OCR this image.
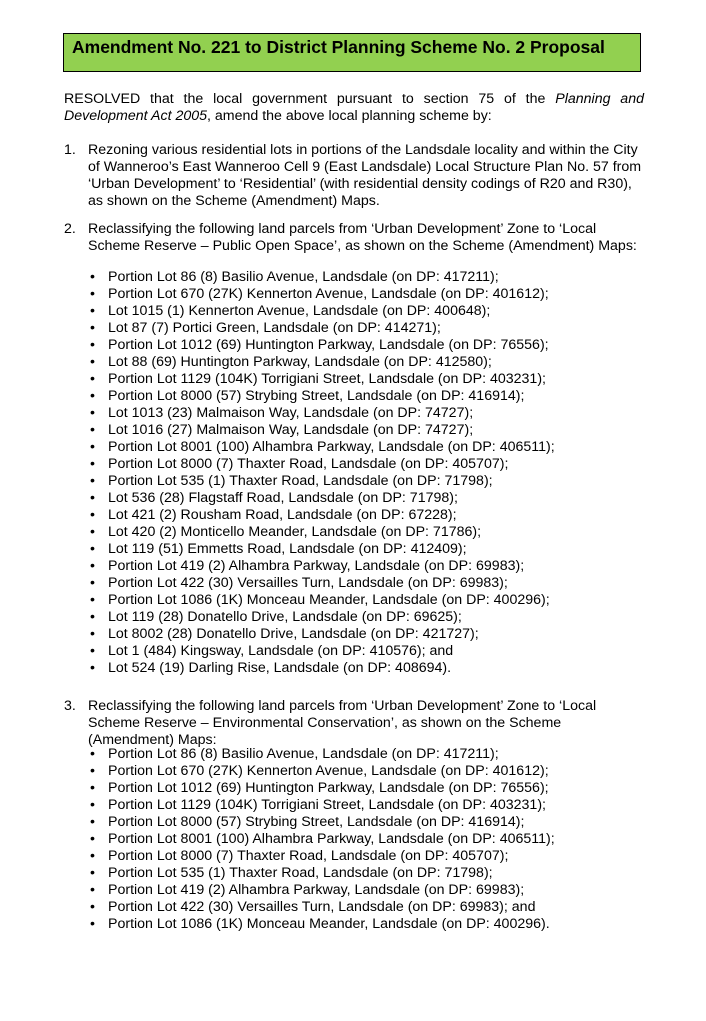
Amendment No. 221 to District Planning Scheme No. 2 Proposal

RESOLVED that the local government pursuant to section 75 of the Planning and Development Act 2005, amend the above local planning scheme by:

1. Rezoning various residential lots in portions of the Landsdale locality and within the City of Wanneroo’s East Wanneroo Cell 9 (East Landsdale) Local Structure Plan No. 57 from ‘Urban Development’ to ‘Residential’ (with residential density codings of R20 and R30), as shown on the Scheme (Amendment) Maps.
2. Reclassifying the following land parcels from ‘Urban Development’ Zone to ‘Local Scheme Reserve – Public Open Space’, as shown on the Scheme (Amendment) Maps:
• Portion Lot 86 (8) Basilio Avenue, Landsdale (on DP: 417211);
• Portion Lot 670 (27K) Kennerton Avenue, Landsdale (on DP: 401612);
• Lot 1015 (1) Kennerton Avenue, Landsdale (on DP: 400648);
• Lot 87 (7) Portici Green, Landsdale (on DP: 414271);
• Portion Lot 1012 (69) Huntington Parkway, Landsdale (on DP: 76556);
• Lot 88 (69) Huntington Parkway, Landsdale (on DP: 412580);
• Portion Lot 1129 (104K) Torrigiani Street, Landsdale (on DP: 403231);
• Portion Lot 8000 (57) Strybing Street, Landsdale (on DP: 416914);
• Lot 1013 (23) Malmaison Way, Landsdale (on DP: 74727);
• Lot 1016 (27) Malmaison Way, Landsdale (on DP: 74727);
• Portion Lot 8001 (100) Alhambra Parkway, Landsdale (on DP: 406511);
• Portion Lot 8000 (7) Thaxter Road, Landsdale (on DP: 405707);
• Portion Lot 535 (1) Thaxter Road, Landsdale (on DP: 71798);
• Lot 536 (28) Flagstaff Road, Landsdale (on DP: 71798);
• Lot 421 (2) Rousham Road, Landsdale (on DP: 67228);
• Lot 420 (2) Monticello Meander, Landsdale (on DP: 71786);
• Lot 119 (51) Emmetts Road, Landsdale (on DP: 412409);
• Portion Lot 419 (2) Alhambra Parkway, Landsdale (on DP: 69983);
• Portion Lot 422 (30) Versailles Turn, Landsdale (on DP: 69983);
• Portion Lot 1086 (1K) Monceau Meander, Landsdale (on DP: 400296);
• Lot 119 (28) Donatello Drive, Landsdale (on DP: 69625);
• Lot 8002 (28) Donatello Drive, Landsdale (on DP: 421727);
• Lot 1 (484) Kingsway, Landsdale (on DP: 410576); and
• Lot 524 (19) Darling Rise, Landsdale (on DP: 408694).
3. Reclassifying the following land parcels from ‘Urban Development’ Zone to ‘Local Scheme Reserve – Environmental Conservation’, as shown on the Scheme (Amendment) Maps:
• Portion Lot 86 (8) Basilio Avenue, Landsdale (on DP: 417211);
• Portion Lot 670 (27K) Kennerton Avenue, Landsdale (on DP: 401612);
• Portion Lot 1012 (69) Huntington Parkway, Landsdale (on DP: 76556);
• Portion Lot 1129 (104K) Torrigiani Street, Landsdale (on DP: 403231);
• Portion Lot 8000 (57) Strybing Street, Landsdale (on DP: 416914);
• Portion Lot 8001 (100) Alhambra Parkway, Landsdale (on DP: 406511);
• Portion Lot 8000 (7) Thaxter Road, Landsdale (on DP: 405707);
• Portion Lot 535 (1) Thaxter Road, Landsdale (on DP: 71798);
• Portion Lot 419 (2) Alhambra Parkway, Landsdale (on DP: 69983);
• Portion Lot 422 (30) Versailles Turn, Landsdale (on DP: 69983); and
• Portion Lot 1086 (1K) Monceau Meander, Landsdale (on DP: 400296).
